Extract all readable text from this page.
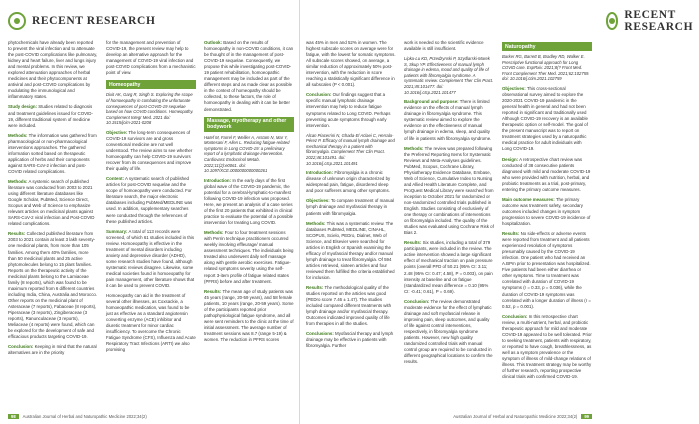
RECENT RESEARCH

phytochemicals have already been reported to prevent the viral infection and to attenuate the post-COVID complications like pulmonary, kidney and heart failure, liver and lungs injury and mental problems. In this review, we explored attenuation approaches of herbal medicines and their phytocomponents at antiviral and post-COVID complications by modulating the immunological and inflammatory states.

Study design: Studies related to diagnosis and treatment guidelines issued for COVID-19, different traditional system of medicine were included.

Methods: The information was gathered from pharmacological or non-pharmacological interventions approaches. The gathered information sorted based on therapeutic application of herbs and their components against SARS-CoV-2 infection and post-COVID related complications.

Methods: A systemic search of published literature was conducted from 2003 to 2021 using different literature databases like Google Scholar, PubMed, Science Direct, Scopus and Web of Science to emphasize relevant articles on medicinal plants against SARS-CoV-2 viral infection and Post-COVID related complications.

Results: Collected published literature from 2003 to 2021 contain at least 3 lakh seventy-one medicinal plants, from more than 105 families. Among them 40% families, more than 50 medicinal plants and 25 active phytomolecules belong to 15 plant families. Reports on the therapeutic activity of the medicinal plants belong to the Lamiaceae family (8 reports), which was found to be maximum reported from 6 different countries including India, China, Australia and Morocco. Other reports on the medicinal plant of Asteraceae (7 reports), Fabaceae (8 reports), Piperaceae (3 reports), Zingiberaceae (3 reports), Ranunculaceae (3 reports), Meliaceae (4 reports) were found, which can be explored for the development of safe and efficacious products targeting COVID-19.

Conclusion: Keeping in mind that the natural alternatives are in the priority

for the management and prevention of COVID-19, the present review may help to develop an alternative approach for the management of COVID-19 viral infection and post-COVID complications from a mechanistic point of view.

Homeopathy
Dixit AK, Garg R, Singh S. Exploring the scope of homoeopathy in combating the unfortunate consequences of post-COVID-19 sequelae based on how COVID conditions. Homeopathy. Complement Integr Med. 2021 doi: 10.1515/jcim-2021-0208

Objective: The long-term consequences of COVID-19 survivors are and gross conventional medicine are not well understood. The review aims to see whether homoeopathy can help COVID-19 survivors recover from its consequences and improve their quality of life.

Content: A systematic search of published articles for post-COVID sequelae and the scope of homoeopathy were conducted. For literature search, the major electronic databases including PubMed/MEDLINE was used. In addition, supplementary searches were conducted through the references of these published articles.

Summary: A total of 113 records were screened, of which 61 studies included in this review. Homoeopathy is effective in the treatment of mental disorders including anxiety and depressive disorder (ADHD), some research studies have found, although systematic reviews disagree. Likewise, some medical societies found in homoeopathy for pain management, other literature shows that it can be used to prevent COVID.

Homoeopathy can aid in the treatment of several other illnesses, as Coxsackie, a homoeopathic medication, was found to be just as effective as a standard angiotensin converting enzyme (ACE) inhibitor and diuretic treatment for minor cardiac insufficiency. To overcome the Chronic Fatigue Syndrome (CFS), Influenza and Acute Respiratory Tract Infections (ARTI) we also promising

Outlook: Based on the results of homoeopathy in non-COVID conditions, it can be thought of in the management of post-COVID-19 sequelae. Consequently, we propose this while investigating post-COVID-19 patient rehabilitation, homoeopathic management may be included as part of the different steps and as made clear as possible in the context of homeopathy should be collected, to these factors, the role of homoeopathy in dealing with it can be better demonstrated.

Massage, myotherapy and other bodywork
Hatef M, Farrel F, Wellier A, Arstam N, Mar Y, Montesani F, Allen L. Reducing fatigue-related symptoms in Long COVID-19: a preliminary report of a lymphatic drainage intervention. Cardiovasc Endocrinol Metab. 2022;11(2):e0061. doi: 10.1097/XCE.0000000000000261

Introduction: In the early days of the first global wave of the COVID-19 pandemic, the potential for a cerebral-lymphatic-to-manifest following COVID-19 infection was proposed. Here, we present an analysis of a case series of the first 20 patients that exhibited in clinical practice to evaluate the potential of a possible intervention for treating Long COVID.

Methods: Four to four treatment sessions with Perrin technique practitioners occurred weekly involving effleurage/ manual assessment techniques. The individuals being treated also underwent daily self massage along with gentle aerobic exercises. Fatigue-related symptoms severity using the self-report 3-item profile of fatigue related states (PFRS) before and after treatment.

Results: The mean age of study patients was 45 years (range, 20-59 years), and 58 female patients, 10 years (range, 20-59 years). Some of the participants reported prior pathophysiological fatigue syndrome, and all were sent reminders to the clinic at the time of initial assessment. The average number of treatment sessions was 8.7 (range 5-19) & women. The reduction in PFRS scores

98	Australian Journal of Herbal and Naturopathic Medicine 2022;34(2)
RECENT RESEARCH

was 45% in men and 52% in women. The highest subscale scores on average were for fatigue, with the lowest for somatic symptoms. All subscale scores showed, on average, a similar reduction of approximately 50% post-intervention, with the reduction in score reaching a statistically significant difference in all subscales (P < 0.001).

Conclusion: Our findings suggest that a specific manual lymphatic drainage intervention may help to reduce fatigue symptoms related to Long COVID. Perhaps preventing acute symptoms through early intervention.

Alcan Piacerrini N, Ghada-El Aclaei C, Herrala-Pérez P. Efficacy of manual lymph drainage and mechanical therapy in a patient with fibromyalgia. Complement Ther Clin Pract. 2022;46:101491. doi: 10.1016/j.ctcp.2021.101491

Introduction: Fibromyalgia is a chronic disease of unknown origin characterized by widespread pain, fatigue, disordered sleep and poor sufferers among other symptoms.

Objectives: To compare treatment of manual lymph drainage and myofascial therapy in patients with fibromyalgia.

Methods: This was a systematic review. The databases PubMed, MEDLINE, CINAHL, SCOPUS, Scielo, PEDro, Dialnet, Web of Science, and Elsevier were searched for articles in English or Spanish examining the efficacy of myofascial therapy and/or manual lymph drainage to treat fibromyalgia. Of 594 articles retrieved, sixteen articles and four reviewed them fulfilled the criteria established for inclusion.

Results: The methodological quality of the studies reported on the articles was good (PEDro score 7.46 ± 1.47). The studies included compared different treatments with lymph drainage and/or myofascial therapy. Outcomes indicated improved quality of life from therapies in all the studies.

Conclusions: Myofascial therapy and lymph drainage may be effective in patients with fibromyalgia. Further

work is needed so the scientific evidence available is still insufficient.

Lipka-Lu KD, Przedzynski P, Szydlarski-Marek S, Skup YP. Effectiveness of manual lymph drainage in edema, mood and quality of life of patients with fibromyalgia syndrome. A systematic review. Complement Ther Clin Pract. 2021;45:101477. doi: 10.1016/j.ctcp.2021.101477

Background and purpose: There is limited evidence on the effects of manual lymph drainage in fibromyalgia syndrome. This systematic review aimed to explore the evidence on the effectiveness of manual lymph drainage in edema, sleep, and quality of life in patients with fibromyalgia syndrome.

Methods: The review was prepared following the Preferred Reporting Items for Systematic Reviews and Meta-Analyses guidelines. PubMed, Scopus, Cochrane Library, Physiotherapy Evidence Database, Embase, Web of Science, Cumulative Index to Nursing and Allied Health Literature Complete, and ProQuest Medical Library were searched from inception to October 2021 for randomized or non-randomized controlled trials published in English. Studies consisting of exclusively of one therapy or combinations of interventions on fibromyalgia included. The quality of the studies was evaluated using Cochrane Risk of Bias 2.

Results: Six studies, including a total of 379 participants, were included in the review. The active intervention showed a large significant effect of mechanical traction on pain pressure points (overall PFD of 50.21 (95% CI: 3.11; 2.48 (95% CI: 0.47; 4.58), P = 0.003), on pain intensity at baseline and on fatigue (standardized mean difference = 0.10 (95% CI: -0.41; 0.61), P = 0.69).

Conclusion: The review demonstrated moderate evidence for the effect of lymphatic drainage and soft myofascial release in improving pain, sleep outcomes, and quality of life against control interventions, respectively, in fibromyalgia syndrome patients. However, new high quality randomized controlled trials with manual control group are required to be conducted in different geographical locations to confirm the results.

Naturopathy
Barker RG, Barrett B, Bradley RD, Walker E. Prescriptive functional approach for Long COVID care. ExpRxiv. 2021;8(? Front Med. Front Complement Ther Med. 2021;62:102759. doi: 10.1016/j.ctim.2021.102759

Objectives: This cross-sectional observational survey aimed to explore the 2020-2021 COVID-19 pandemic in the general health in general and had not been reported in significant and traditionally used Although COVID-19 recovery is an available therapeutic option or self-model. The goal of the present manuscript was to report on treatment strategies used by a naturopathic medical practice for adult individuals with Long COVID-19.

Design: A retrospective chart review was conducted of 38 consecutive patients diagnosed with mild and moderate COVID-19 who were provided with nutrition, herbal, and probiotic treatments as a trial, post-primary, entering the primary outcome measures.

Main outcome measures: The primary outcome was treatment safety, secondary outcomes included changes in symptom progression to severe COVID-19 incidence of hospitalization.

Results: No side-effects or adverse events were reported from treatment and all patients experienced resolution of symptoms presumably caused by the COVID-19 infection. One patient who had received an A.BPm prior to presentation was hospitalized. Five patients had been either diarrhea or other symptoms. Time to treatment was correlated with duration of COVID-19 symptoms (r = 0.33, p = 0.036), while the duration of COVID-19 symptoms was correlated with a longer duration of illness (r = 0.52, p = 0.001).

Conclusion: In this retrospective chart review, a multi-nutrient, herbal, and probiotic therapeutic approach for mild and moderate COVID-19 appeared to be well tolerated. Prior to seeking treatment, patients with respiratory, or reported to have cough, breathlessness, as well as a symptom prevalence or the symptom of illness of mild-change relations of illness. This treatment strategy may be worthy of further research, reporting prospective clinical trials with confirmed COVID-19.

Australian Journal of Herbal and Naturopathic Medicine 2022;34(2)	99
